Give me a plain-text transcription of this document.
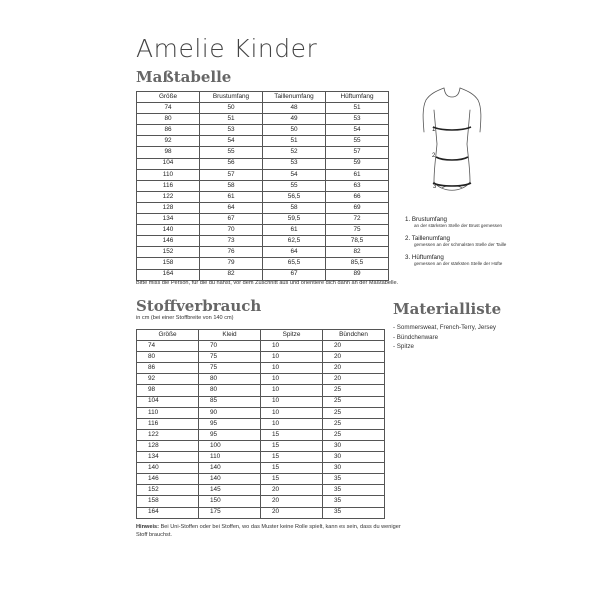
Amelie Kinder
Maßtabelle
Größe	Brustumfang	Taillenumfang	Hüftumfang
74	50	48	51
80	51	49	53
86	53	50	54
92	54	51	55
98	55	52	57
104	56	53	59
110	57	54	61
116	58	55	63
122	61	56,5	66
128	64	58	69
134	67	59,5	72
140	70	61	75
146	73	62,5	78,5
152	76	64	82
158	79	65,5	85,5
164	82	67	89
Bitte miss die Person, für die du nähst, vor dem Zuschnitt aus und orientiere dich dann an der Maßtabelle.
1
2
3
1. Brustumfang
an der stärksten Stelle der Brust gemessen
2. Taillenumfang
gemessen an der schmalsten Stelle der Taille
3. Hüftumfang
gemessen an der stärksten Stelle der Hüfte
Stoffverbrauch
in cm (bei einer Stoffbreite von 140 cm)
Größe	Kleid	Spitze	Bündchen
74	70	10	20
80	75	10	20
86	75	10	20
92	80	10	20
98	80	10	25
104	85	10	25
110	90	10	25
116	95	10	25
122	95	15	25
128	100	15	30
134	110	15	30
140	140	15	30
146	140	15	35
152	145	20	35
158	150	20	35
164	175	20	35
Hinweis: Bei Uni-Stoffen oder bei Stoffen, wo das Muster keine Rolle spielt, kann es sein, dass du weniger Stoff brauchst.
Materialliste
- Sommersweat, French-Terry, Jersey
- Bündchenware
- Spitze
